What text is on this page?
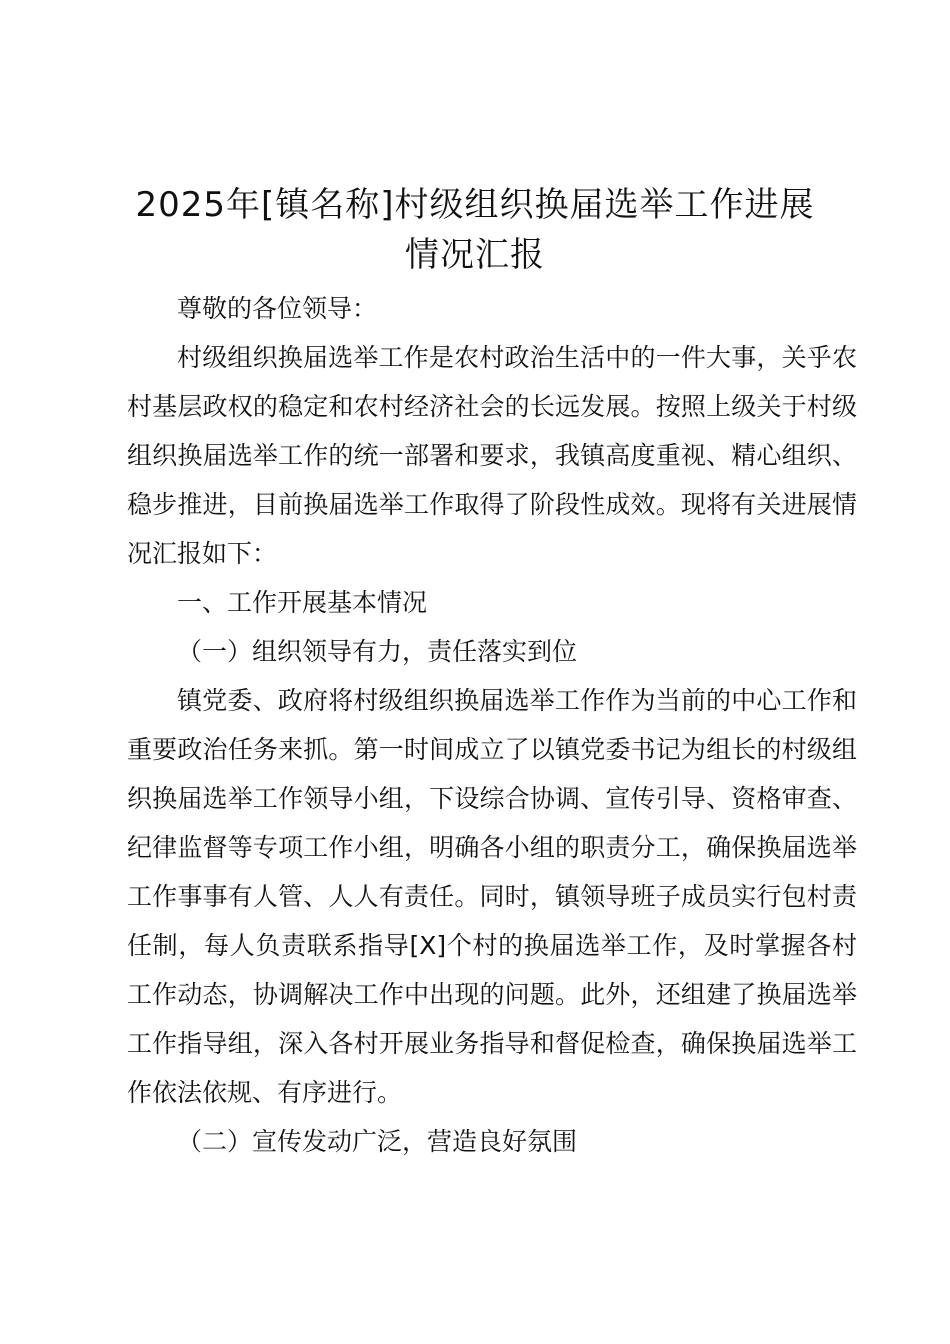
2025年[镇名称]村级组织换届选举工作进展
情况汇报

尊敬的各位领导：

村级组织换届选举工作是农村政治生活中的一件大事，关乎农村基层政权的稳定和农村经济社会的长远发展。按照上级关于村级组织换届选举工作的统一部署和要求，我镇高度重视、精心组织、稳步推进，目前换届选举工作取得了阶段性成效。现将有关进展情况汇报如下：

一、工作开展基本情况

（一）组织领导有力，责任落实到位

镇党委、政府将村级组织换届选举工作作为当前的中心工作和重要政治任务来抓。第一时间成立了以镇党委书记为组长的村级组织换届选举工作领导小组，下设综合协调、宣传引导、资格审查、纪律监督等专项工作小组，明确各小组的职责分工，确保换届选举工作事事有人管、人人有责任。同时，镇领导班子成员实行包村责任制，每人负责联系指导[X]个村的换届选举工作，及时掌握各村工作动态，协调解决工作中出现的问题。此外，还组建了换届选举工作指导组，深入各村开展业务指导和督促检查，确保换届选举工作依法依规、有序进行。

（二）宣传发动广泛，营造良好氛围
